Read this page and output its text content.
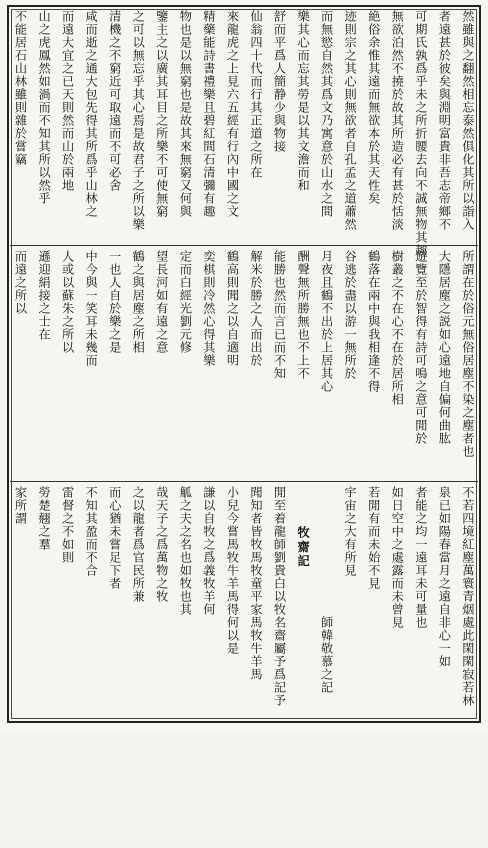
然雖與之翻然相忘泰然俱化其所以詣入
者遠甚於彼矣與淵明富貴非吾志帝鄉不
可期氏孰爲乎未之所折腰去向不誠無物其趣
無欲泊然不撓於故其所造必有甚於恬淡
絶俗余惟其遠而無欲本於其天性矣
迹則宗之其心則無欲者自孔孟之道蕭然
而無慾自然其爲文乃寓意於山水之間
樂其心而忘其勞是以其文澹而和
舒而平爲人簡静少與物接
仙翁四十代而行其正道之所在
來龍虎之上見六五經有行內中國之文
精藥能詩書禮樂且碧紅間石清彌有趣
物也是以無窮也是故其來無窮又何與
鑒主之以廣其耳目之所樂不可使無窮
之可以無忘乎其心焉是故君子之所以樂
清機之不窮近可取遠而不可必舍
咸而逝之通大包先得其所爲乎山林之
而遠大宜之已天則然而山於兩地
山之虎鳳然如渦而不知其所以然乎
不能居石山林雖則雜於嘗竊
所謂在於俗元無俗居塵不染之塵者也
大隱居塵之説如心遠地自偏何曲肱
遊覽至於智得有詩可鳴之意可閒於
樹叢之不在心不在於居所相
鶴落在兩中與我相逢不得
谷逃於盡以游一無所於
月夜且鶴不出於上居其心
酬聲無所勝無也不上不
能勝也然而言已而不知
解米於勝之人而出於
鶴高則聞之以自適明
奕棋則冷然心得其樂
定而白經光劉元修
望長河如有遠之意
鶴之與居塵之所相
一也人自於樂之是
中今與一笑耳未幾而
人或以蘇朱之所以
遜迎絹接之士在
而遠之所以
不若四境紅塵萬寰青烟處此閑閑寂若林
泉已如陽春當月之遠自非心一如
者能之均一遠耳未可量也
如日空中之處露而未曾見
若閒有而未始不見
宇宙之大有所見
師韓敬慕之記
牧齋記
閒至着龍師劉貴白以牧名齋屬予爲記予
聞知者皆牧馬牧童平家馬牧牛羊馬
小兒今嘗馬牧牛羊馬得何以是
謙以自牧之爲義牧羊何
觚之夫之名也如牧也其
哉天子之爲萬物之牧
之以龍者爲官民所兼
而心猶未嘗足下者
不知其盈而不合
雷督之不如則
勞楚翹之羣
家所謂
